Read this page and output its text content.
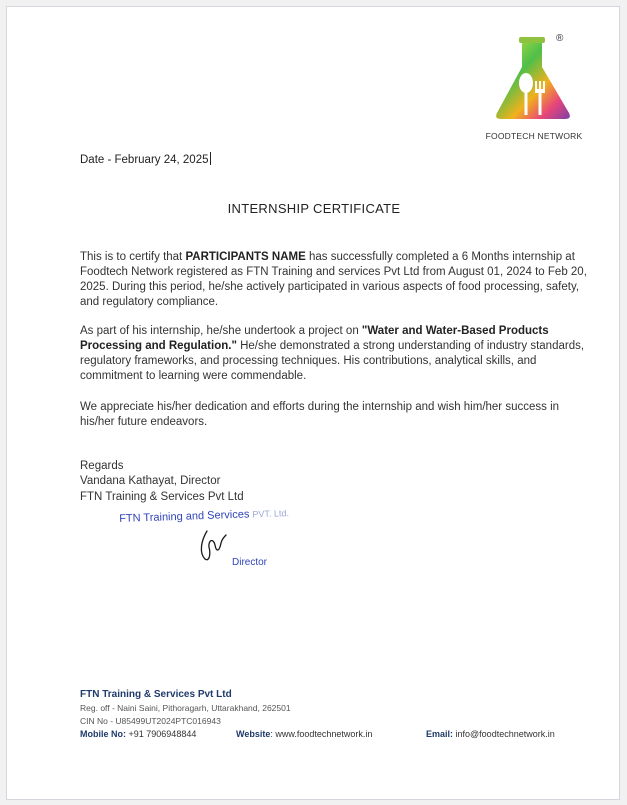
®
FOODTECH NETWORK
Date - February 24, 2025
INTERNSHIP CERTIFICATE
This is to certify that PARTICIPANTS NAME has successfully completed a 6 Months internship at Foodtech Network registered as FTN Training and services Pvt Ltd from August 01, 2024 to Feb 20, 2025. During this period, he/she actively participated in various aspects of food processing, safety, and regulatory compliance.
As part of his internship, he/she undertook a project on "Water and Water-Based Products Processing and Regulation." He/she demonstrated a strong understanding of industry standards, regulatory frameworks, and processing techniques. His contributions, analytical skills, and commitment to learning were commendable.
We appreciate his/her dedication and efforts during the internship and wish him/her success in his/her future endeavors.
Regards
Vandana Kathayat, Director
FTN Training & Services Pvt Ltd
FTN Training and Services PVT. Ltd.
Director
FTN Training & Services Pvt Ltd
Reg. off - Naini Saini, Pithoragarh, Uttarakhand, 262501
CIN No - U85499UT2024PTC016943
Mobile No: +91 7906948844	Website: www.foodtechnetwork.in	Email: info@foodtechnetwork.in
